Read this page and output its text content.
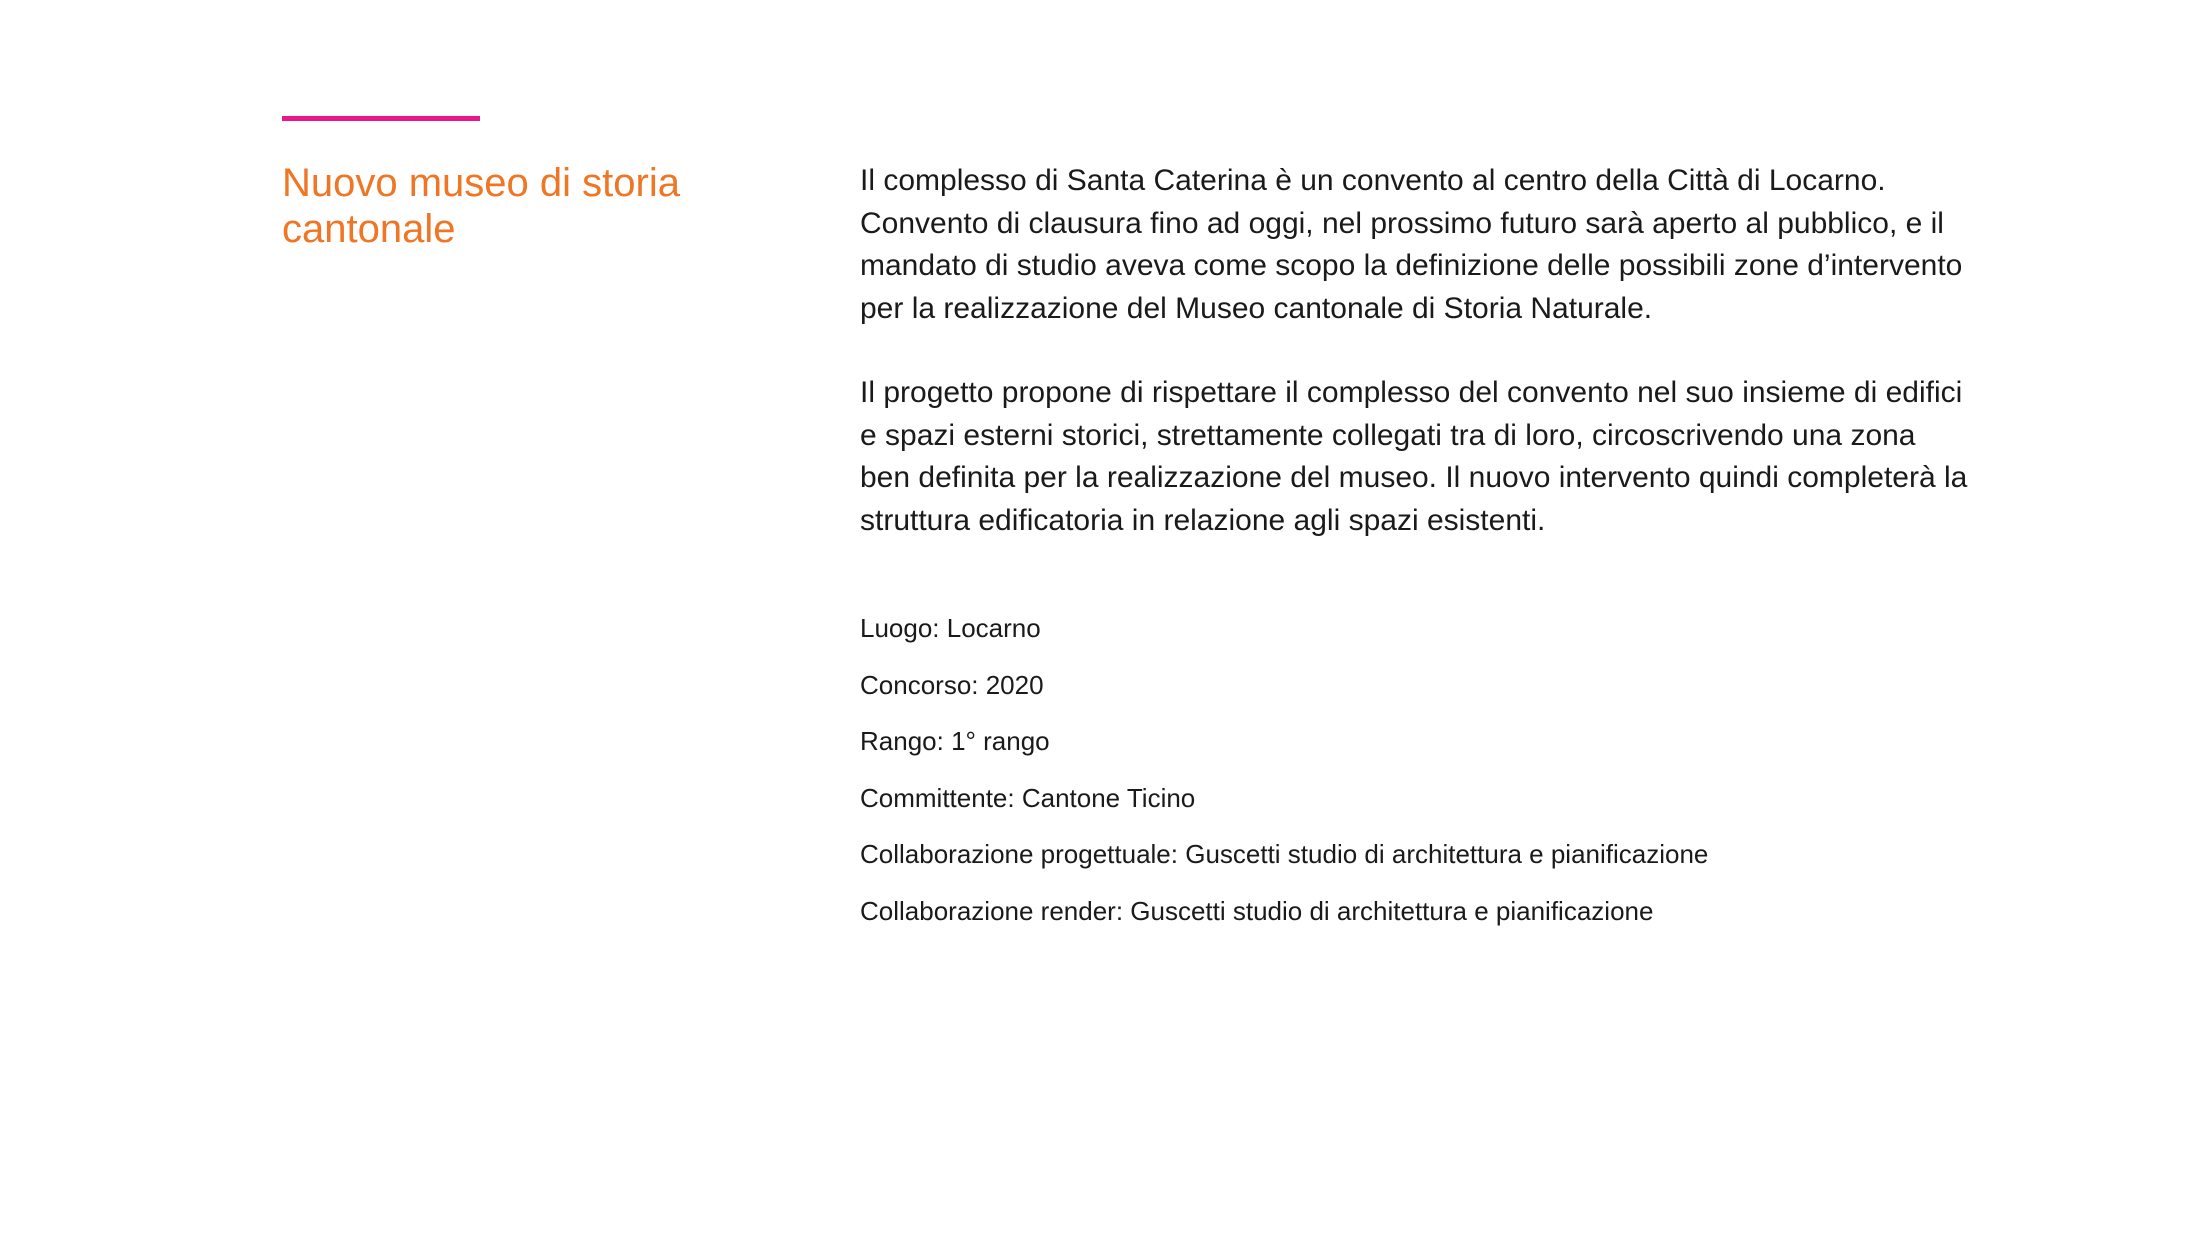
Nuovo museo di storia cantonale

Il complesso di Santa Caterina è un convento al centro della Città di Locarno. Convento di clausura fino ad oggi, nel prossimo futuro sarà aperto al pubblico, e il mandato di studio aveva come scopo la definizione delle possibili zone d’intervento per la realizzazione del Museo cantonale di Storia Naturale.

Il progetto propone di rispettare il complesso del convento nel suo insieme di edifici e spazi esterni storici, strettamente collegati tra di loro, circoscrivendo una zona ben definita per la realizzazione del museo. Il nuovo intervento quindi completerà la struttura edificatoria in relazione agli spazi esistenti.

Luogo: Locarno
Concorso: 2020
Rango: 1° rango
Committente: Cantone Ticino
Collaborazione progettuale: Guscetti studio di architettura e pianificazione
Collaborazione render: Guscetti studio di architettura e pianificazione
